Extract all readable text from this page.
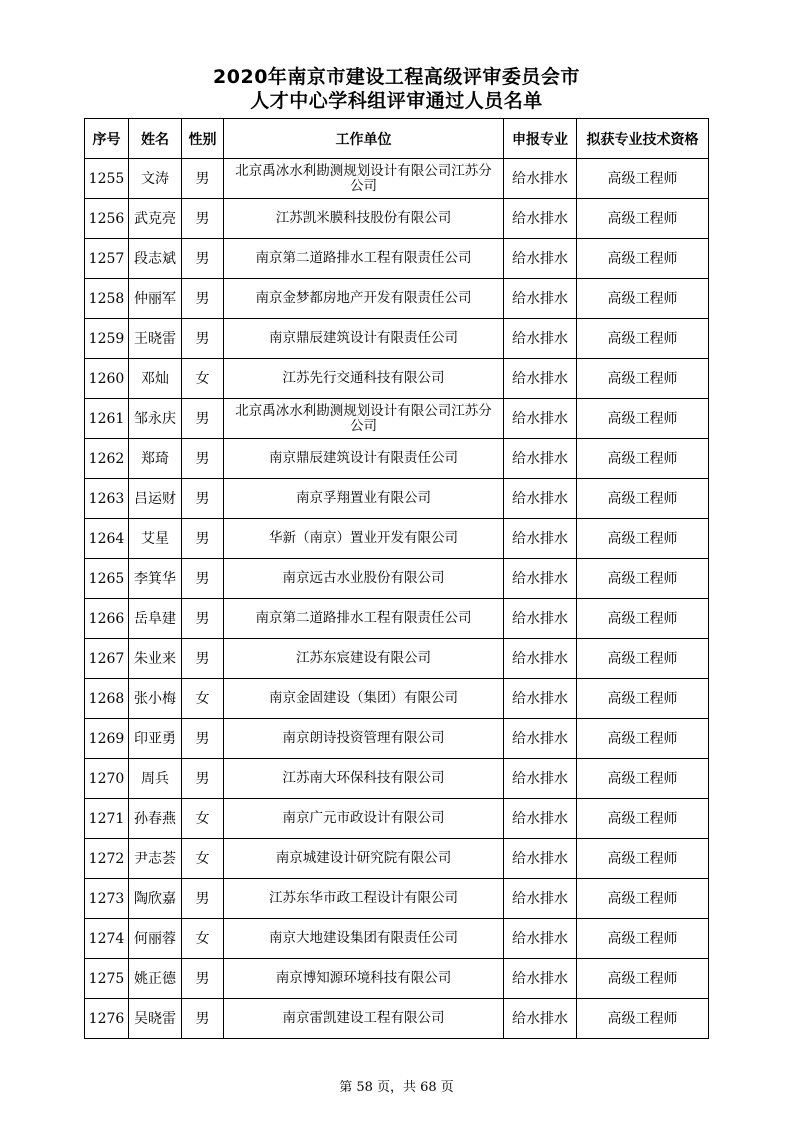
2020年南京市建设工程高级评审委员会市
人才中心学科组评审通过人员名单
序号	姓名	性别	工作单位	申报专业	拟获专业技术资格
1255	文涛	男	北京禹冰水利勘测规划设计有限公司江苏分公司	给水排水	高级工程师
1256	武克亮	男	江苏凯米膜科技股份有限公司	给水排水	高级工程师
1257	段志斌	男	南京第二道路排水工程有限责任公司	给水排水	高级工程师
1258	仲丽军	男	南京金梦都房地产开发有限责任公司	给水排水	高级工程师
1259	王晓雷	男	南京鼎辰建筑设计有限责任公司	给水排水	高级工程师
1260	邓灿	女	江苏先行交通科技有限公司	给水排水	高级工程师
1261	邹永庆	男	北京禹冰水利勘测规划设计有限公司江苏分公司	给水排水	高级工程师
1262	郑琦	男	南京鼎辰建筑设计有限责任公司	给水排水	高级工程师
1263	吕运财	男	南京孚翔置业有限公司	给水排水	高级工程师
1264	艾星	男	华新（南京）置业开发有限公司	给水排水	高级工程师
1265	李箕华	男	南京远古水业股份有限公司	给水排水	高级工程师
1266	岳阜建	男	南京第二道路排水工程有限责任公司	给水排水	高级工程师
1267	朱业来	男	江苏东宸建设有限公司	给水排水	高级工程师
1268	张小梅	女	南京金固建设（集团）有限公司	给水排水	高级工程师
1269	印亚勇	男	南京朗诗投资管理有限公司	给水排水	高级工程师
1270	周兵	男	江苏南大环保科技有限公司	给水排水	高级工程师
1271	孙春燕	女	南京广元市政设计有限公司	给水排水	高级工程师
1272	尹志荟	女	南京城建设计研究院有限公司	给水排水	高级工程师
1273	陶欣嘉	男	江苏东华市政工程设计有限公司	给水排水	高级工程师
1274	何丽蓉	女	南京大地建设集团有限责任公司	给水排水	高级工程师
1275	姚正德	男	南京博知源环境科技有限公司	给水排水	高级工程师
1276	吴晓雷	男	南京雷凯建设工程有限公司	给水排水	高级工程师
第 58 页，共 68 页
